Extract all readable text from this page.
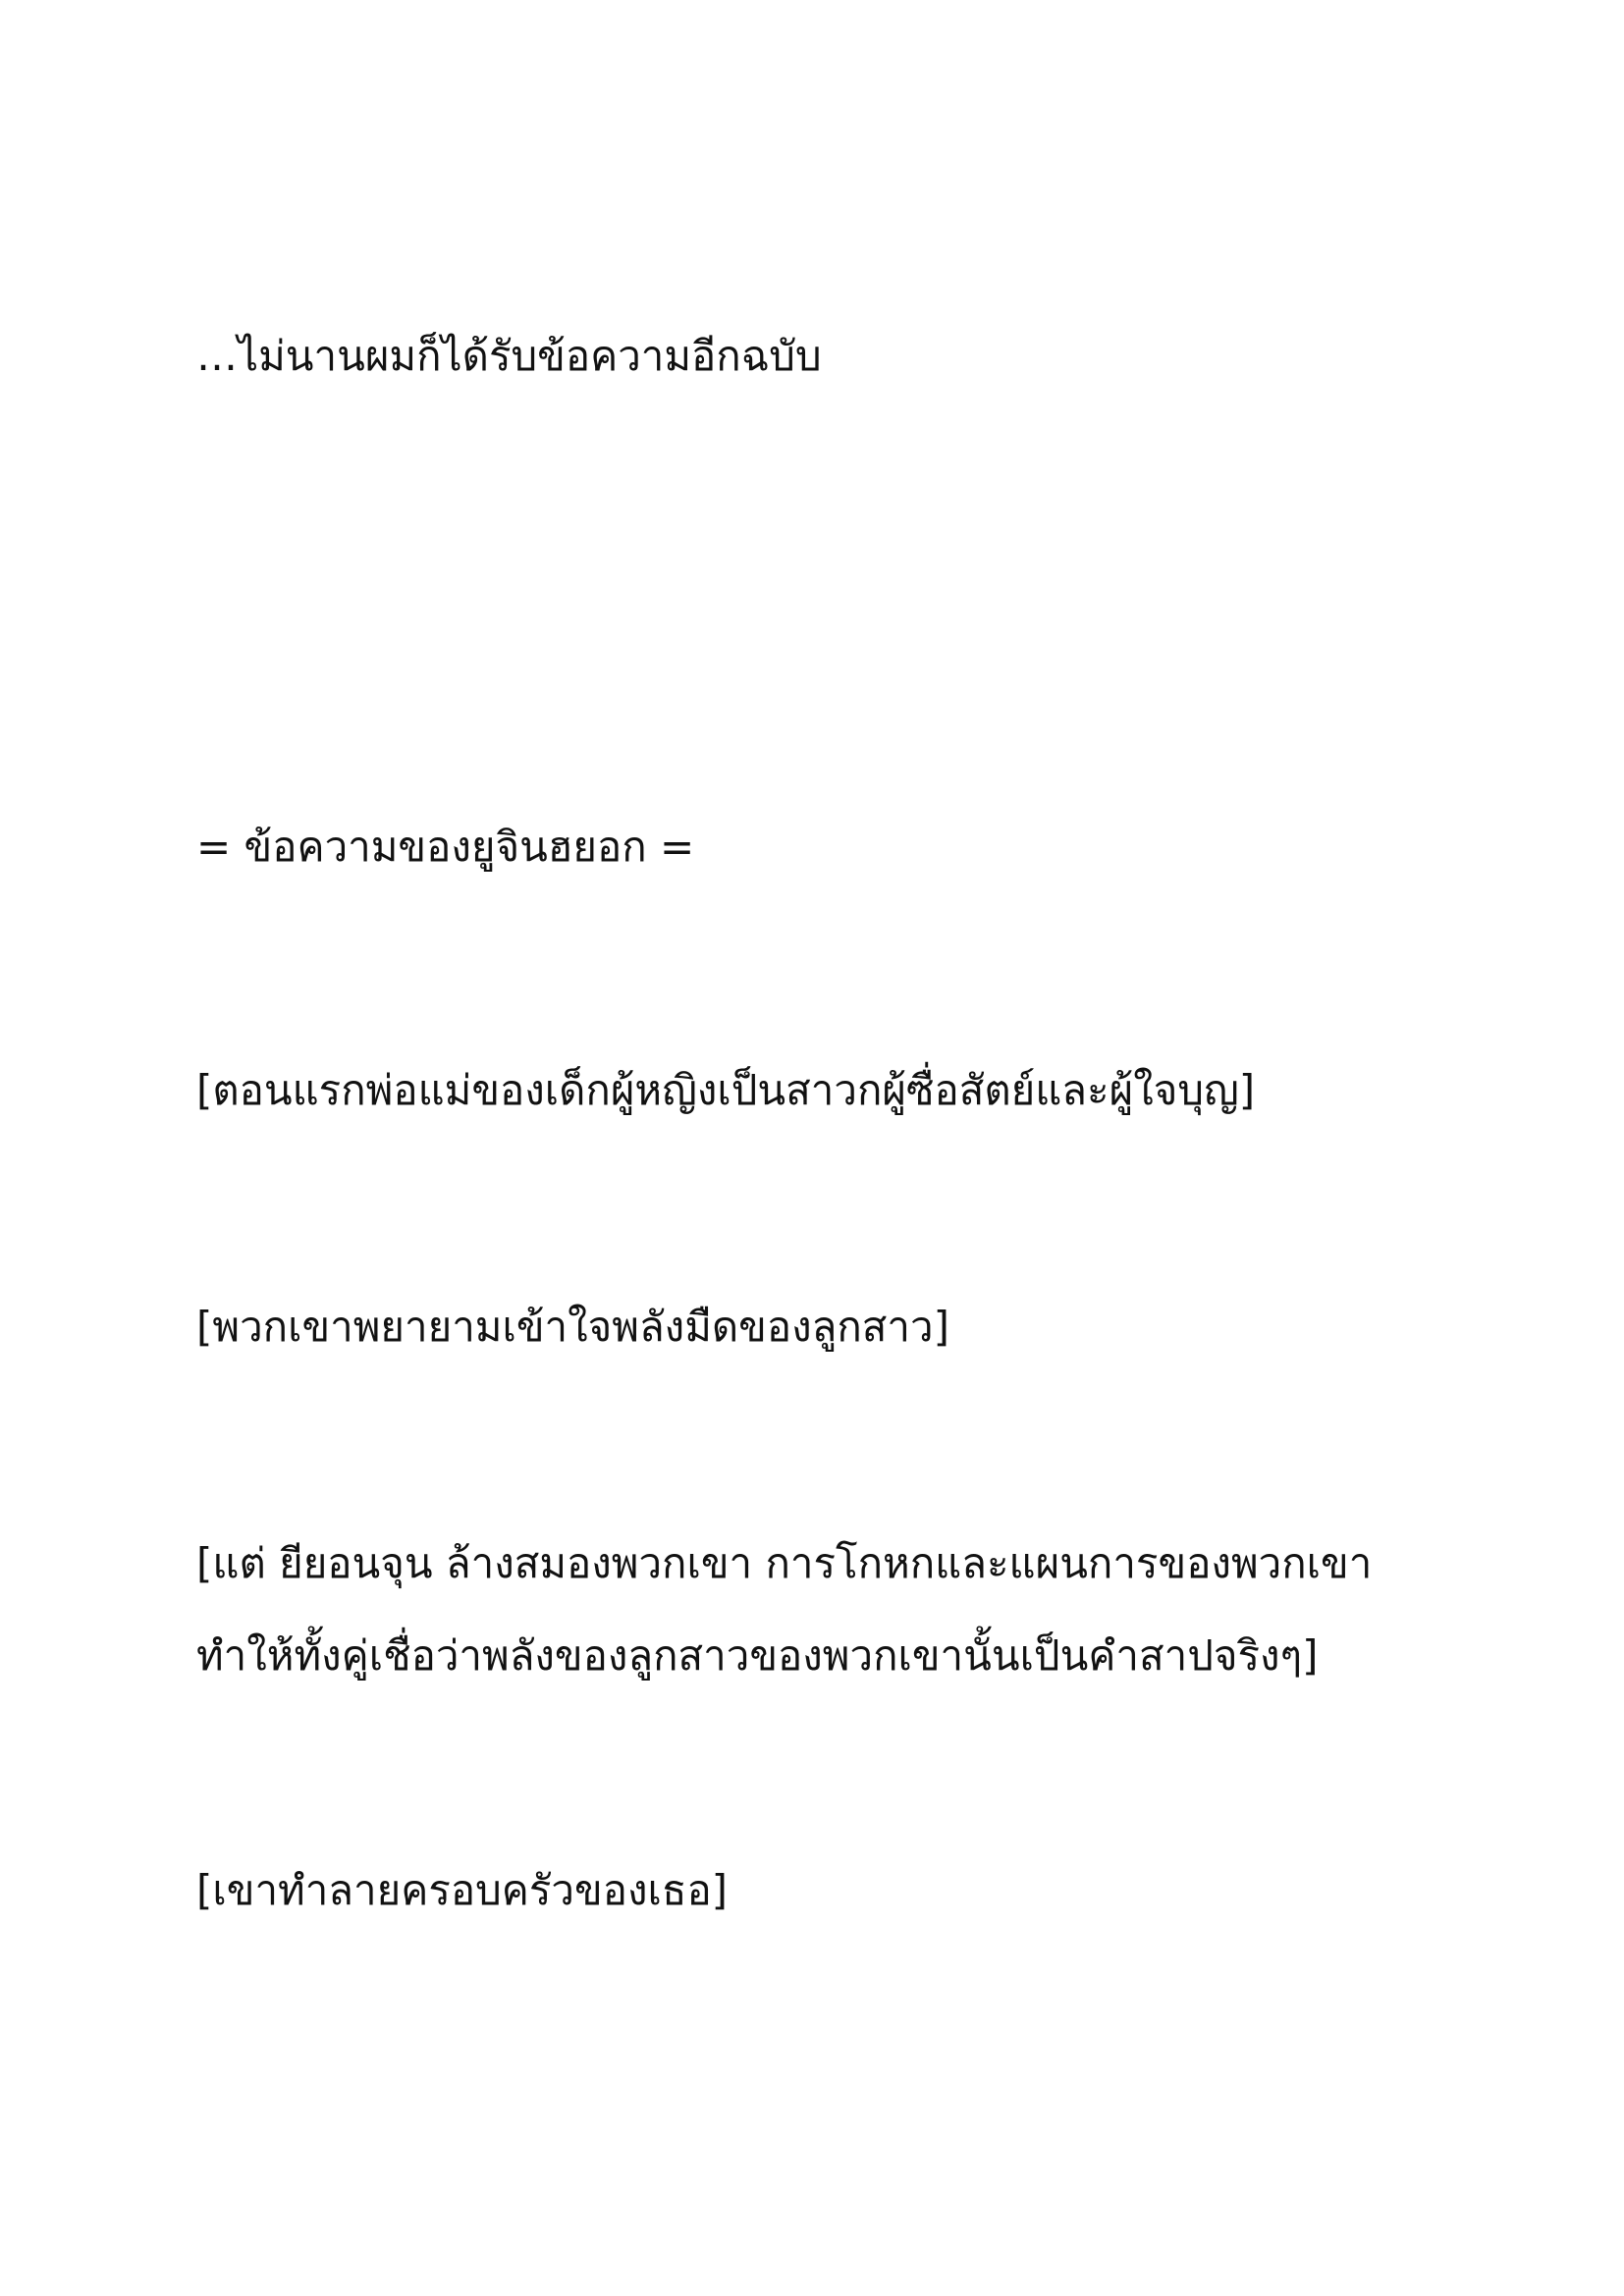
…ไม่นานผมก็ได้รับข้อความอีกฉบับ

= ข้อความของยูจินฮยอก =

[ตอนแรกพ่อแม่ของเด็กผู้หญิงเป็นสาวกผู้ซื่อสัตย์และผู้ใจบุญ]

[พวกเขาพยายามเข้าใจพลังมืดของลูกสาว]

[แต่ ยียอนจุน ล้างสมองพวกเขา การโกหกและแผนการของพวกเขาทำให้ทั้งคู่เชื่อว่าพลังของลูกสาวของพวกเขานั้นเป็นคำสาปจริงๆ]

[เขาทำลายครอบครัวของเธอ]
